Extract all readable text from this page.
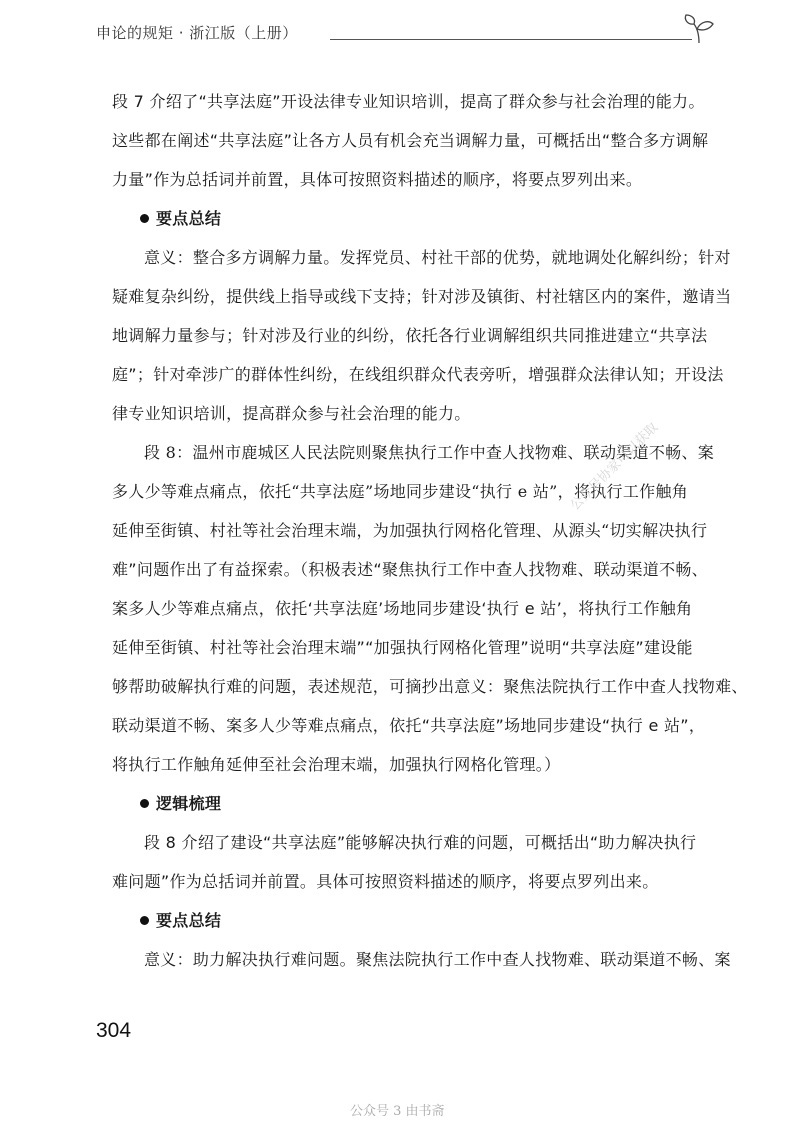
申论的规矩 · 浙江版（上册）
段 7 介绍了“共享法庭”开设法律专业知识培训，提高了群众参与社会治理的能力。
这些都在阐述“共享法庭”让各方人员有机会充当调解力量，可概括出“整合多方调解
力量”作为总括词并前置，具体可按照资料描述的顺序，将要点罗列出来。
要点总结
意义：整合多方调解力量。发挥党员、村社干部的优势，就地调处化解纠纷；针对
疑难复杂纠纷，提供线上指导或线下支持；针对涉及镇街、村社辖区内的案件，邀请当
地调解力量参与；针对涉及行业的纠纷，依托各行业调解组织共同推进建立“共享法
庭”；针对牵涉广的群体性纠纷，在线组织群众代表旁听，增强群众法律认知；开设法
律专业知识培训，提高群众参与社会治理的能力。
段 8：温州市鹿城区人民法院则聚焦执行工作中查人找物难、联动渠道不畅、案
多人少等难点痛点，依托“共享法庭”场地同步建设“执行 e 站”，将执行工作触角
延伸至街镇、村社等社会治理末端，为加强执行网格化管理、从源头“切实解决执行
难”问题作出了有益探索。（积极表述“聚焦执行工作中查人找物难、联动渠道不畅、
案多人少等难点痛点，依托‘共享法庭’场地同步建设‘执行 e 站’，将执行工作触角
延伸至街镇、村社等社会治理末端”“加强执行网格化管理”说明“共享法庭”建设能
够帮助破解执行难的问题，表述规范，可摘抄出意义：聚焦法院执行工作中查人找物难、
联动渠道不畅、案多人少等难点痛点，依托“共享法庭”场地同步建设“执行 e 站”，
将执行工作触角延伸至社会治理末端，加强执行网格化管理。）
逻辑梳理
段 8 介绍了建设“共享法庭”能够解决执行难的问题，可概括出“助力解决执行
难问题”作为总括词并前置。具体可按照资料描述的顺序，将要点罗列出来。
要点总结
意义：助力解决执行难问题。聚焦法院执行工作中查人找物难、联动渠道不畅、案
公众号协家可以获取
304
公众号 3 由书斋
